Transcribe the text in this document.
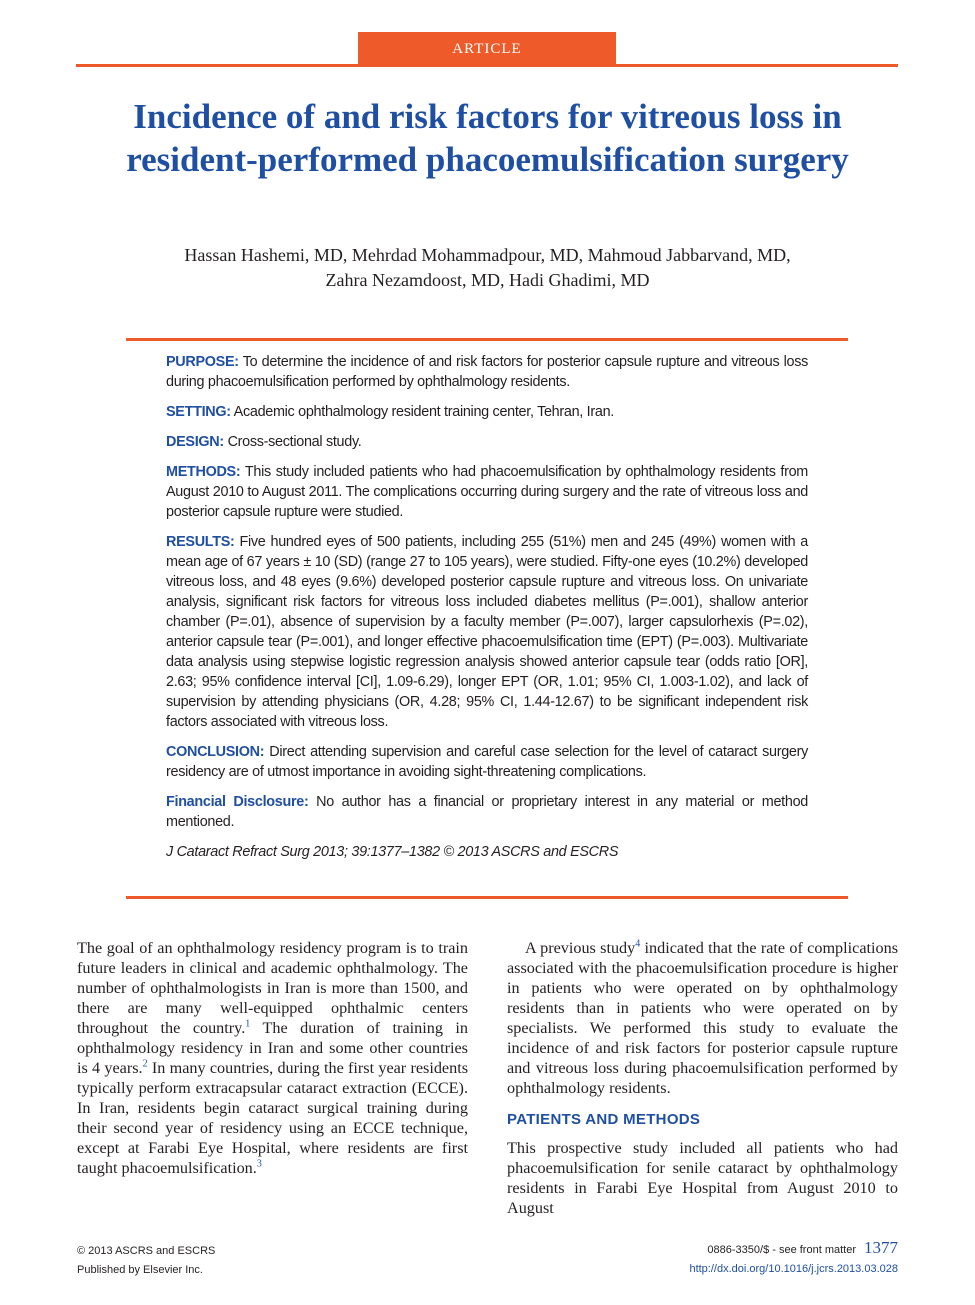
ARTICLE
Incidence of and risk factors for vitreous loss in resident-performed phacoemulsification surgery
Hassan Hashemi, MD, Mehrdad Mohammadpour, MD, Mahmoud Jabbarvand, MD,
Zahra Nezamdoost, MD, Hadi Ghadimi, MD

PURPOSE: To determine the incidence of and risk factors for posterior capsule rupture and vitreous loss during phacoemulsification performed by ophthalmology residents.

SETTING: Academic ophthalmology resident training center, Tehran, Iran.

DESIGN: Cross-sectional study.

METHODS: This study included patients who had phacoemulsification by ophthalmology residents from August 2010 to August 2011. The complications occurring during surgery and the rate of vitreous loss and posterior capsule rupture were studied.

RESULTS: Five hundred eyes of 500 patients, including 255 (51%) men and 245 (49%) women with a mean age of 67 years ± 10 (SD) (range 27 to 105 years), were studied. Fifty-one eyes (10.2%) developed vitreous loss, and 48 eyes (9.6%) developed posterior capsule rupture and vitreous loss. On univariate analysis, significant risk factors for vitreous loss included diabetes mellitus (P=.001), shallow anterior chamber (P=.01), absence of supervision by a faculty member (P=.007), larger capsulorhexis (P=.02), anterior capsule tear (P=.001), and longer effective phacoemulsification time (EPT) (P=.003). Multivariate data analysis using stepwise logistic regression analysis showed anterior capsule tear (odds ratio [OR], 2.63; 95% confidence interval [CI], 1.09-6.29), longer EPT (OR, 1.01; 95% CI, 1.003-1.02), and lack of supervision by attending physicians (OR, 4.28; 95% CI, 1.44-12.67) to be significant independent risk factors associated with vitreous loss.

CONCLUSION: Direct attending supervision and careful case selection for the level of cataract surgery residency are of utmost importance in avoiding sight-threatening complications.

Financial Disclosure: No author has a financial or proprietary interest in any material or method mentioned.

J Cataract Refract Surg 2013; 39:1377–1382 © 2013 ASCRS and ESCRS

The goal of an ophthalmology residency program is to train future leaders in clinical and academic ophthalmology. The number of ophthalmologists in Iran is more than 1500, and there are many well-equipped ophthalmic centers throughout the country.$^1$ The duration of training in ophthalmology residency in Iran and some other countries is 4 years.$^2$ In many countries, during the first year residents typically perform extracapsular cataract extraction (ECCE). In Iran, residents begin cataract surgical training during their second year of residency using an ECCE technique, except at Farabi Eye Hospital, where residents are first taught phacoemulsification.$^3$

A previous study$^4$ indicated that the rate of complications associated with the phacoemulsification procedure is higher in patients who were operated on by ophthalmology residents than in patients who were operated on by specialists. We performed this study to evaluate the incidence of and risk factors for posterior capsule rupture and vitreous loss during phacoemulsification performed by ophthalmology residents.

PATIENTS AND METHODS

This prospective study included all patients who had phacoemulsification for senile cataract by ophthalmology residents in Farabi Eye Hospital from August 2010 to August

© 2013 ASCRS and ESCRS
Published by Elsevier Inc.
0886-3350/$ - see front matter 1377
http://dx.doi.org/10.1016/j.jcrs.2013.03.028
